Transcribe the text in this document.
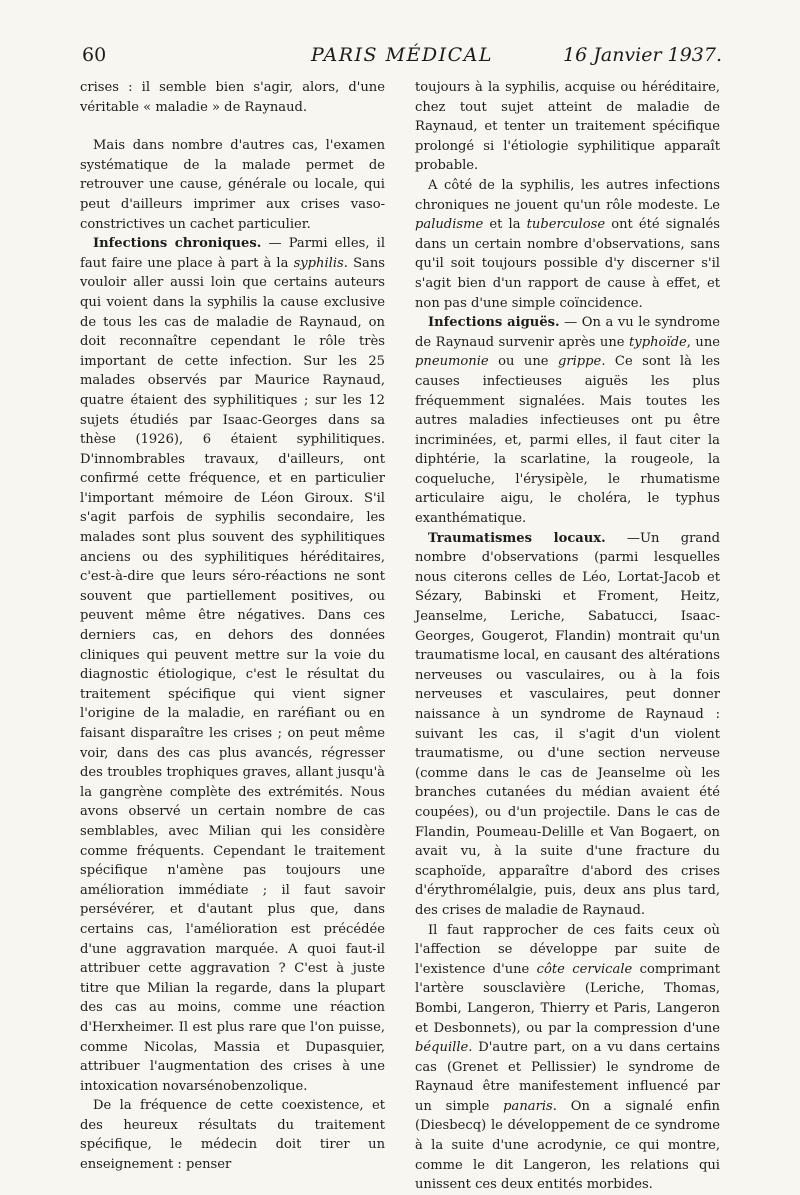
60	PARIS MÉDICAL	16 Janvier 1937.

crises : il semble bien s'agir, alors, d'une véritable « maladie » de Raynaud.

Mais dans nombre d'autres cas, l'examen systématique de la malade permet de retrouver une cause, générale ou locale, qui peut d'ailleurs imprimer aux crises vaso-constrictives un cachet particulier.

Infections chroniques. — Parmi elles, il faut faire une place à part à la syphilis. Sans vouloir aller aussi loin que certains auteurs qui voient dans la syphilis la cause exclusive de tous les cas de maladie de Raynaud, on doit reconnaître cependant le rôle très important de cette infection. Sur les 25 malades observés par Maurice Raynaud, quatre étaient des syphilitiques ; sur les 12 sujets étudiés par Isaac-Georges dans sa thèse (1926), 6 étaient syphilitiques. D'innombrables travaux, d'ailleurs, ont confirmé cette fréquence, et en particulier l'important mémoire de Léon Giroux. S'il s'agit parfois de syphilis secondaire, les malades sont plus souvent des syphilitiques anciens ou des syphilitiques héréditaires, c'est-à-dire que leurs séro-réactions ne sont souvent que partiellement positives, ou peuvent même être négatives. Dans ces derniers cas, en dehors des données cliniques qui peuvent mettre sur la voie du diagnostic étiologique, c'est le résultat du traitement spécifique qui vient signer l'origine de la maladie, en raréfiant ou en faisant disparaître les crises ; on peut même voir, dans des cas plus avancés, régresser des troubles trophiques graves, allant jusqu'à la gangrène complète des extrémités. Nous avons observé un certain nombre de cas semblables, avec Milian qui les considère comme fréquents. Cependant le traitement spécifique n'amène pas toujours une amélioration immédiate ; il faut savoir persévérer, et d'autant plus que, dans certains cas, l'amélioration est précédée d'une aggravation marquée. A quoi faut-il attribuer cette aggravation ? C'est à juste titre que Milian la regarde, dans la plupart des cas au moins, comme une réaction d'Herxheimer. Il est plus rare que l'on puisse, comme Nicolas, Massia et Dupasquier, attribuer l'augmentation des crises à une intoxication novarsénobenzolique.

De la fréquence de cette coexistence, et des heureux résultats du traitement spécifique, le médecin doit tirer un enseignement : penser

toujours à la syphilis, acquise ou héréditaire, chez tout sujet atteint de maladie de Raynaud, et tenter un traitement spécifique prolongé si l'étiologie syphilitique apparaît probable.

A côté de la syphilis, les autres infections chroniques ne jouent qu'un rôle modeste. Le paludisme et la tuberculose ont été signalés dans un certain nombre d'observations, sans qu'il soit toujours possible d'y discerner s'il s'agit bien d'un rapport de cause à effet, et non pas d'une simple coïncidence.

Infections aiguës. — On a vu le syndrome de Raynaud survenir après une typhoïde, une pneumonie ou une grippe. Ce sont là les causes infectieuses aiguës les plus fréquemment signalées. Mais toutes les autres maladies infectieuses ont pu être incriminées, et, parmi elles, il faut citer la diphtérie, la scarlatine, la rougeole, la coqueluche, l'érysipèle, le rhumatisme articulaire aigu, le choléra, le typhus exanthématique.

Traumatismes locaux. —Un grand nombre d'observations (parmi lesquelles nous citerons celles de Léo, Lortat-Jacob et Sézary, Babinski et Froment, Heitz, Jeanselme, Leriche, Sabatucci, Isaac-Georges, Gougerot, Flandin) montrait qu'un traumatisme local, en causant des altérations nerveuses ou vasculaires, ou à la fois nerveuses et vasculaires, peut donner naissance à un syndrome de Raynaud : suivant les cas, il s'agit d'un violent traumatisme, ou d'une section nerveuse (comme dans le cas de Jeanselme où les branches cutanées du médian avaient été coupées), ou d'un projectile. Dans le cas de Flandin, Poumeau-Delille et Van Bogaert, on avait vu, à la suite d'une fracture du scaphoïde, apparaître d'abord des crises d'érythromélalgie, puis, deux ans plus tard, des crises de maladie de Raynaud.

Il faut rapprocher de ces faits ceux où l'affection se développe par suite de l'existence d'une côte cervicale comprimant l'artère sousclavière (Leriche, Thomas, Bombi, Langeron, Thierry et Paris, Langeron et Desbonnets), ou par la compression d'une béquille. D'autre part, on a vu dans certains cas (Grenet et Pellissier) le syndrome de Raynaud être manifestement influencé par un simple panaris. On a signalé enfin (Diesbecq) le développement de ce syndrome à la suite d'une acrodynie, ce qui montre, comme le dit Langeron, les relations qui unissent ces deux entités morbides.
